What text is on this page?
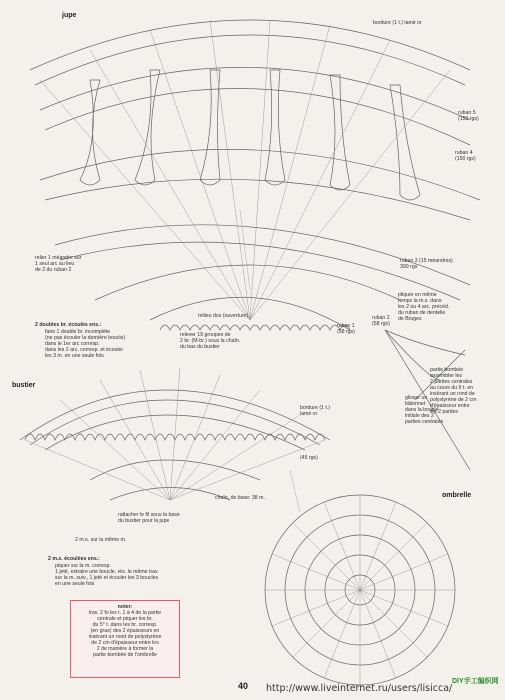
jupe
bordure (1 t.) lamé or
ruban 5
(150 rgs)
ruban 4
(150 rgs)
relier 1 méandre sur
1 seul arc au lieu
de 2 du ruban 2
ruban 3 (15 méandres)
390 rgs
ruban 2
(58 rgs)
ruban 1
(58 rgs)
milieu dos (ouverture)
relever 19 groupes de
2 br. (M-br.) sous la chaîn.
du bas du bustier
2 doubles br. écoulés ens.:
faire 1 double br. incomplète
(ne pas écouler la dernière boucle)
dans le 1er arc corresp.
dans les 2 arc. corresp. et écouler
les 3 m. en une seule fois
pliquer en même
temps la m.s. dans
les 2 ou 4 arc. précéd.
du ruban de dentelle
de Bruges
bustier
bordure (1 t.)
lamé or
(45 rgs)
chaîn. de base: 38 m.
rattacher le fil sous la base
du bustier pour la jupe
2 m.s. sur la même m.
2 m.s. écoulées ens.:
piquer sur la m. corresp.
1 jeté, extraire une boucle, rés. le même trav.
sur la m. suiv., 1 jeté et écouler les 3 boucles
en une seule fois
partie bombée
assembler les
2 parties centrales
au cours du 9 t. en
insérant un rond de
polystyrène de 2 cm
d'épaisseur entre
les 2 parties
glisser un
bâtonnet
dans la boucle
initiale des 2
parties centrales
ombrelle
noter:
trav. 2 fo les t. 1 à 4 de la partie
centrale et piquer les br.
du 5° t. dans les br. corresp.
(en gras) des 2 épaisseurs en
insérant un rond de polystyrène
de 2 cm d'épaisseur entre les
2 de manière à former la
partie bombée de l'ombrelle
40 http://www.liveinternet.ru/users/lisicca/
DIY手工编织网
